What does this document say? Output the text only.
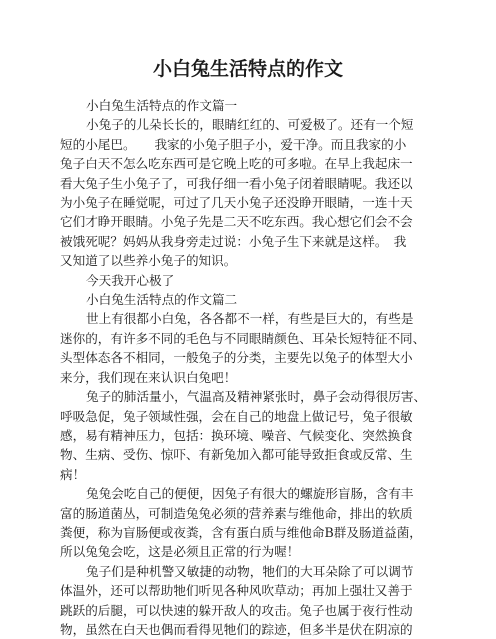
小白兔生活特点的作文
小白兔生活特点的作文篇一
小兔子的儿朵长长的，眼睛红红的、可爱极了。还有一个短
短的小尾巴。　　我家的小兔子胆子小，爱干净。而且我家的小
兔子白天不怎么吃东西可是它晚上吃的可多啦。在早上我起床一
看大兔子生小兔子了，可我仔细一看小兔子闭着眼睛呢。我还以
为小兔子在睡觉呢，可过了几天小兔子还没睁开眼睛，一连十天
它们才睁开眼睛。小兔子先是二天不吃东西。我心想它们会不会
被饿死呢？妈妈从我身旁走过说：小兔子生下来就是这样。　我
又知道了以些养小兔子的知识。
今天我开心极了
小白兔生活特点的作文篇二
世上有很都小白兔，各各都不一样，有些是巨大的，有些是
迷你的，有许多不同的毛色与不同眼睛颜色、耳朵长短特征不同、
头型体态各不相同，一般兔子的分类，主要先以兔子的体型大小
来分，我们现在来认识白兔吧！
兔子的肺活量小，气温高及精神紧张时，鼻子会动得很厉害、
呼吸急促，兔子领域性强，会在自己的地盘上做记号，兔子很敏
感，易有精神压力，包括：换环境、噪音、气候变化、突然换食
物、生病、受伤、惊吓、有新兔加入都可能导致拒食或反常、生
病！
兔兔会吃自己的便便，因兔子有很大的螺旋形盲肠，含有丰
富的肠道菌丛，可制造兔兔必须的营养素与维他命，排出的软质
粪便，称为盲肠便或夜粪，含有蛋白质与维他命B群及肠道益菌，
所以兔兔会吃，这是必须且正常的行为喔！
兔子们是种机警又敏捷的动物，牠们的大耳朵除了可以调节
体温外，还可以帮助牠们听见各种风吹草动；再加上强壮又善于
跳跃的后腿，可以快速的躲开敌人的攻击。兔子也属于夜行性动
物，虽然在白天也偶而看得见牠们的踪迹，但多半是伏在阴凉的
